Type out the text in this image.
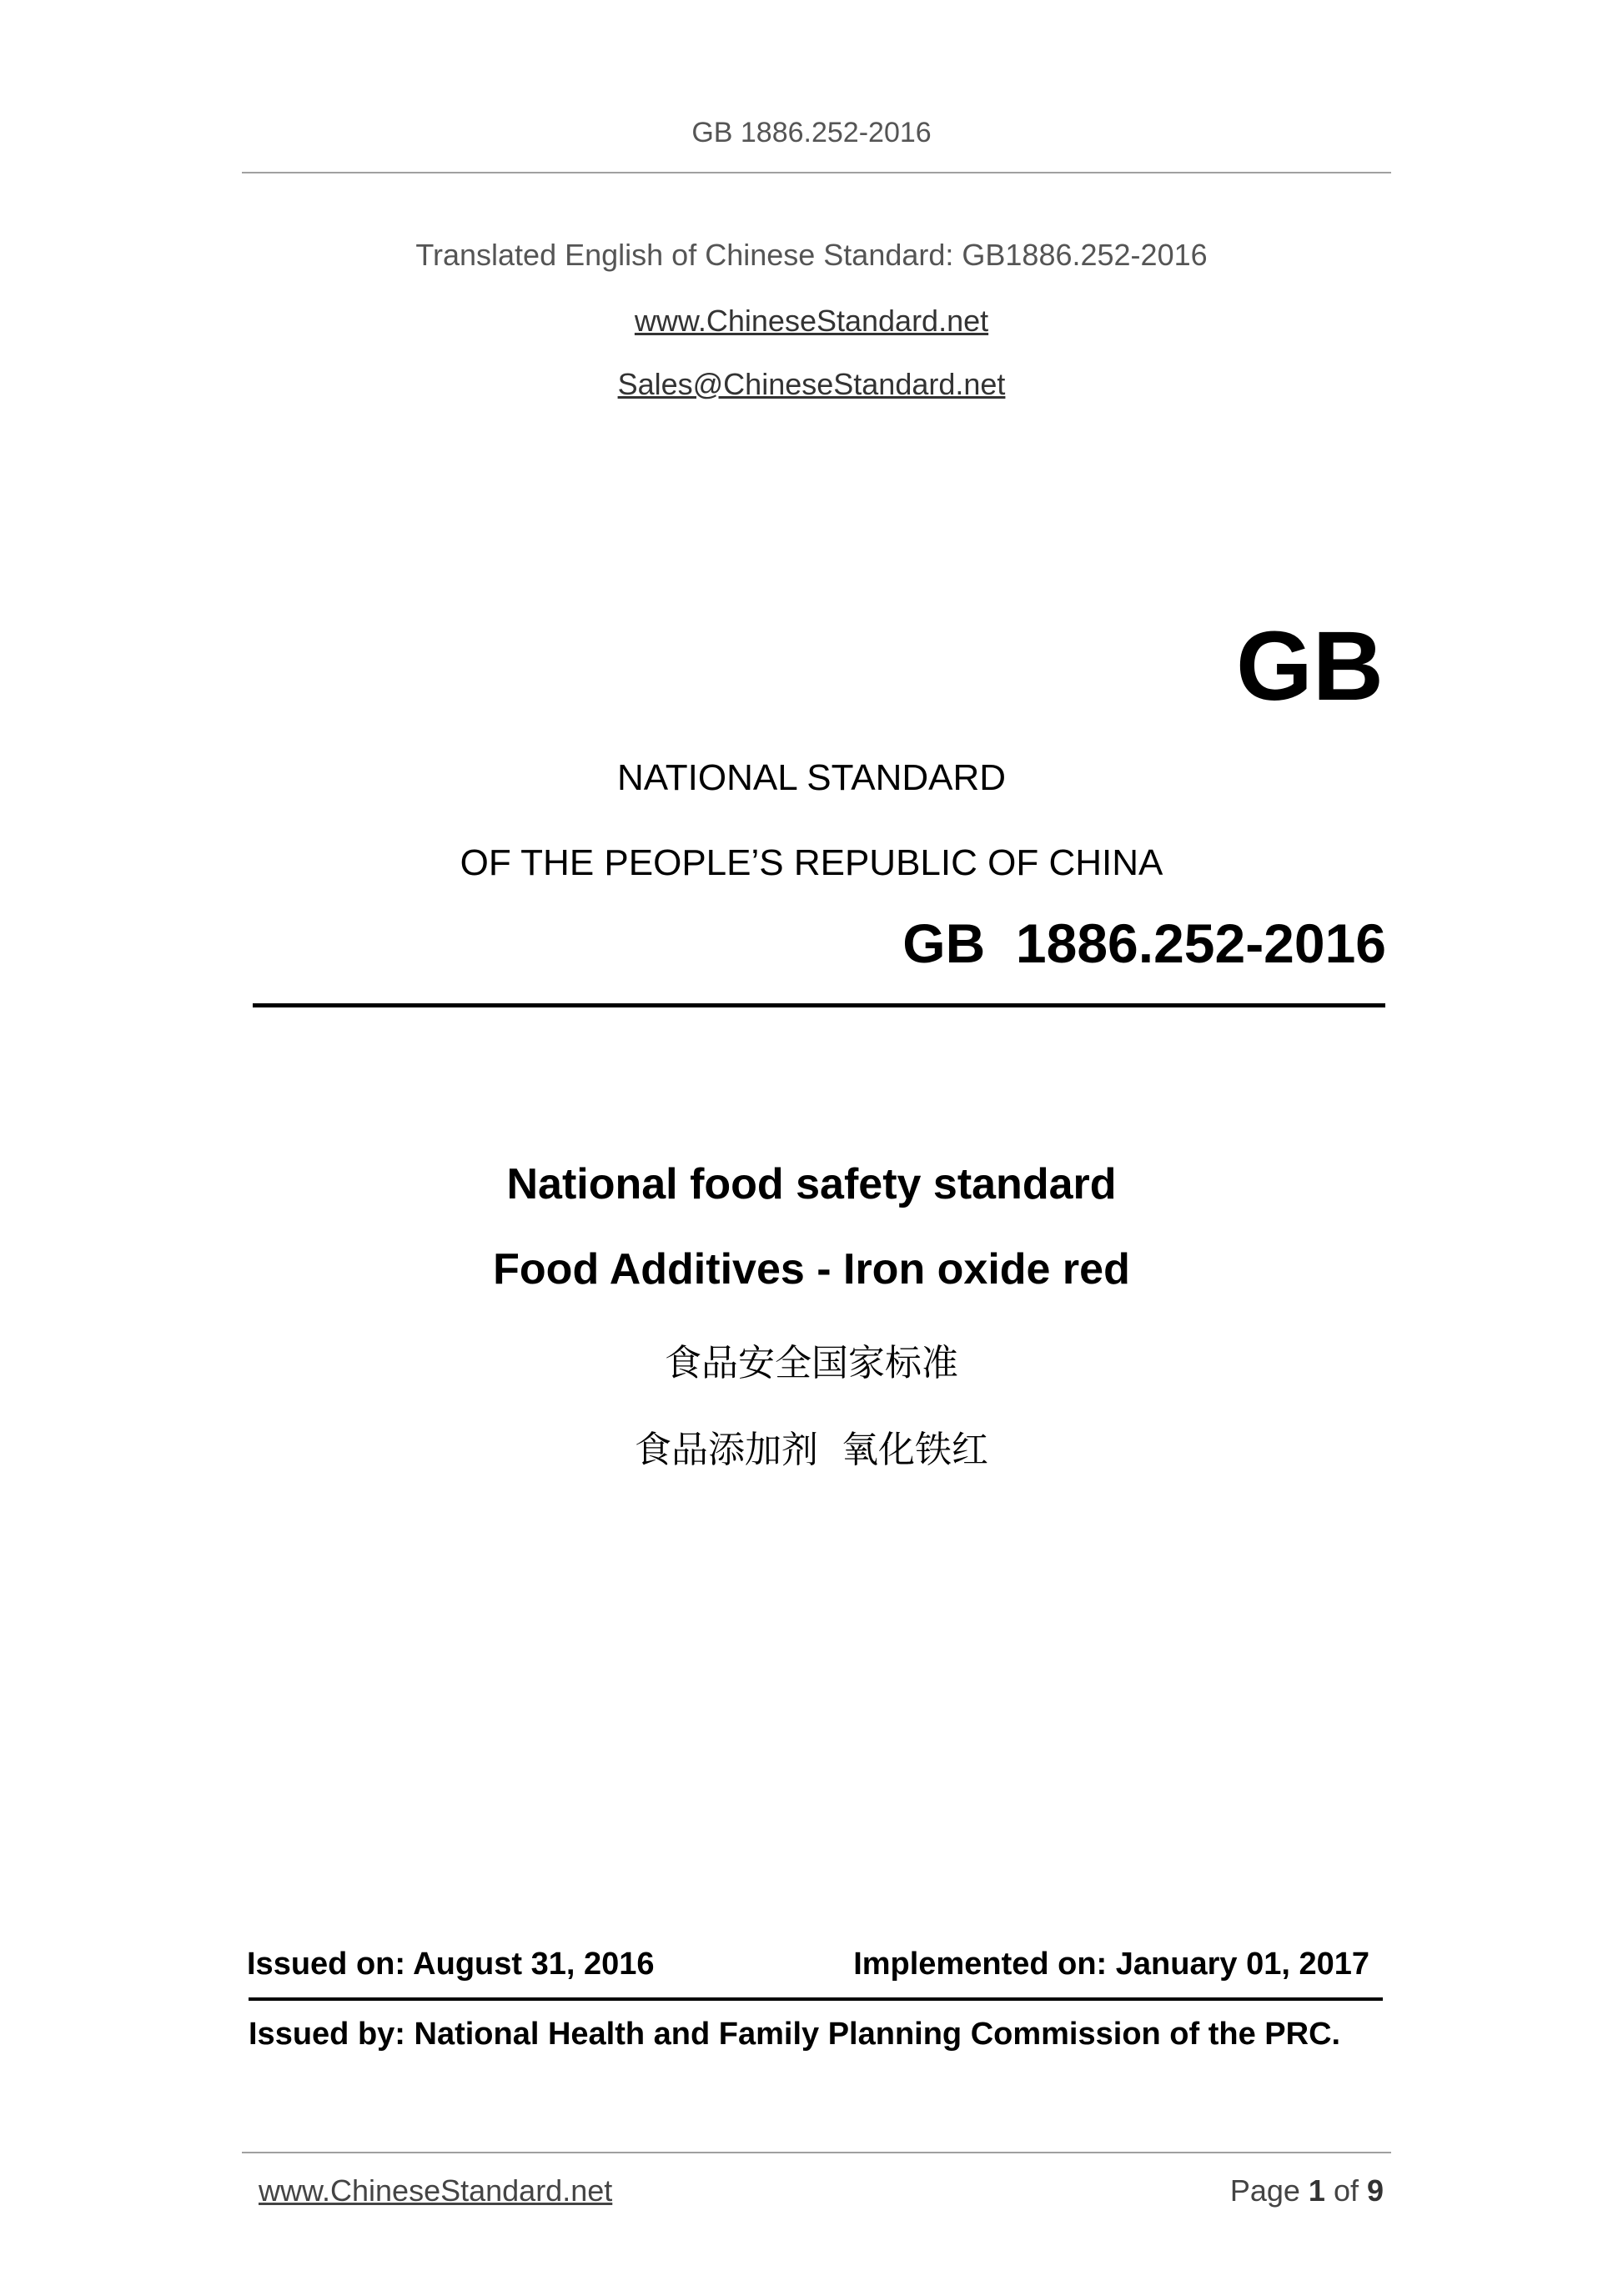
GB 1886.252-2016
Translated English of Chinese Standard: GB1886.252-2016
www.ChineseStandard.net
Sales@ChineseStandard.net
GB
NATIONAL STANDARD
OF THE PEOPLE’S REPUBLIC OF CHINA
GB  1886.252-2016
National food safety standard
Food Additives - Iron oxide red
食品安全国家标准
食品添加剂  氧化铁红
Issued on: August 31, 2016	Implemented on: January 01, 2017
Issued by: National Health and Family Planning Commission of the PRC.
www.ChineseStandard.net	Page 1 of 9
